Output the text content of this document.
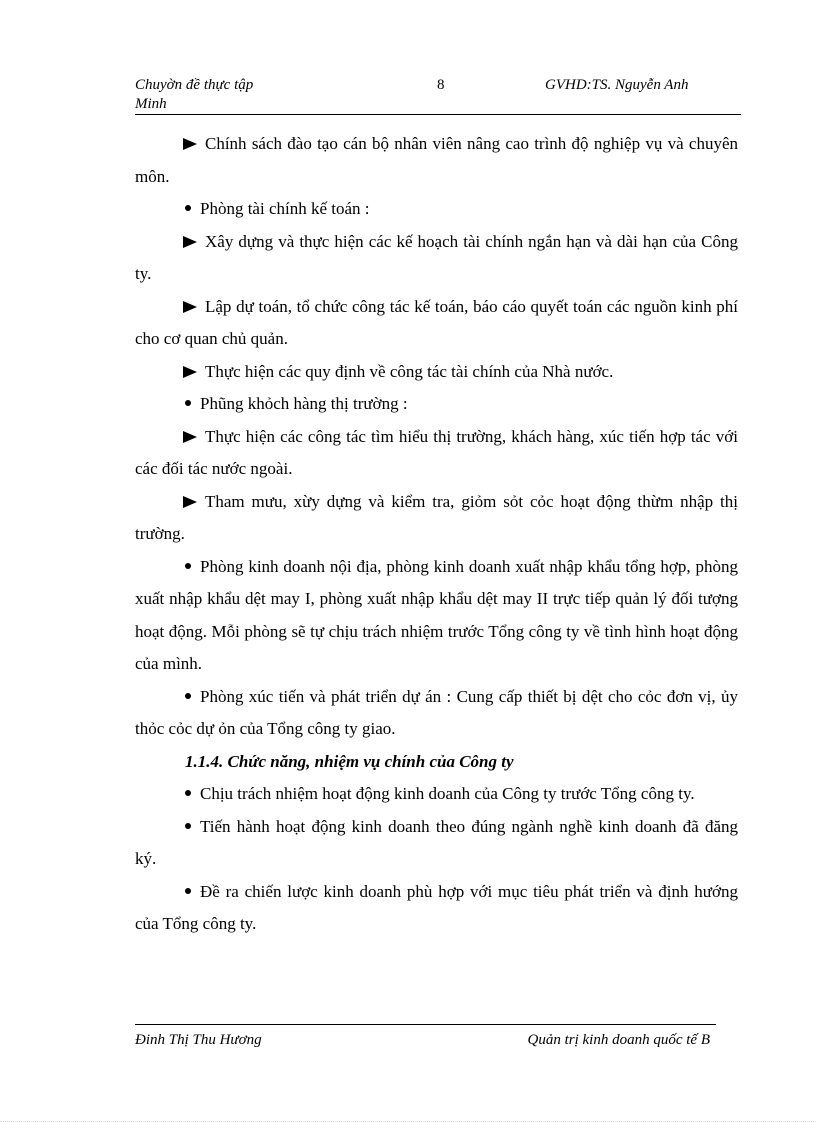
Chuyờn đề thực tập	8	GVHD:TS. Nguyễn Anh
Minh

Chính sách đào tạo cán bộ nhân viên nâng cao trình độ nghiệp vụ và chuyên môn.

Phòng tài chính kế toán :

Xây dựng và thực hiện các kế hoạch tài chính ngắn hạn và dài hạn của Công ty.

Lập dự toán, tổ chức công tác kế toán, báo cáo quyết toán các nguồn kinh phí cho cơ quan chủ quản.

Thực hiện các quy định về công tác tài chính của Nhà nước.

Phũng khỏch hàng thị trường :

Thực hiện các công tác tìm hiểu thị trường, khách hàng, xúc tiến hợp tác với các đối tác nước ngoài.

Tham mưu, xừy dựng và kiểm tra, giỏm sỏt cỏc hoạt động thừm nhập thị trường.

Phòng kinh doanh nội địa, phòng kinh doanh xuất nhập khẩu tổng hợp, phòng xuất nhập khẩu dệt may I, phòng xuất nhập khẩu dệt may II trực tiếp quản lý đối tượng hoạt động. Mỗi phòng sẽ tự chịu trách nhiệm trước Tổng công ty về tình hình hoạt động của mình.

Phòng xúc tiến và phát triển dự án : Cung cấp thiết bị dệt cho cỏc đơn vị, ủy thỏc cỏc dự ỏn của Tổng công ty giao.

1.1.4. Chức năng, nhiệm vụ chính của Công ty

Chịu trách nhiệm hoạt động kinh doanh của Công ty trước Tổng công ty.

Tiến hành hoạt động kinh doanh theo đúng ngành nghề kinh doanh đã đăng ký.

Đề ra chiến lược kinh doanh phù hợp với mục tiêu phát triển và định hướng của Tổng công ty.

Đinh Thị Thu Hương	Quản trị kinh doanh quốc tế B
